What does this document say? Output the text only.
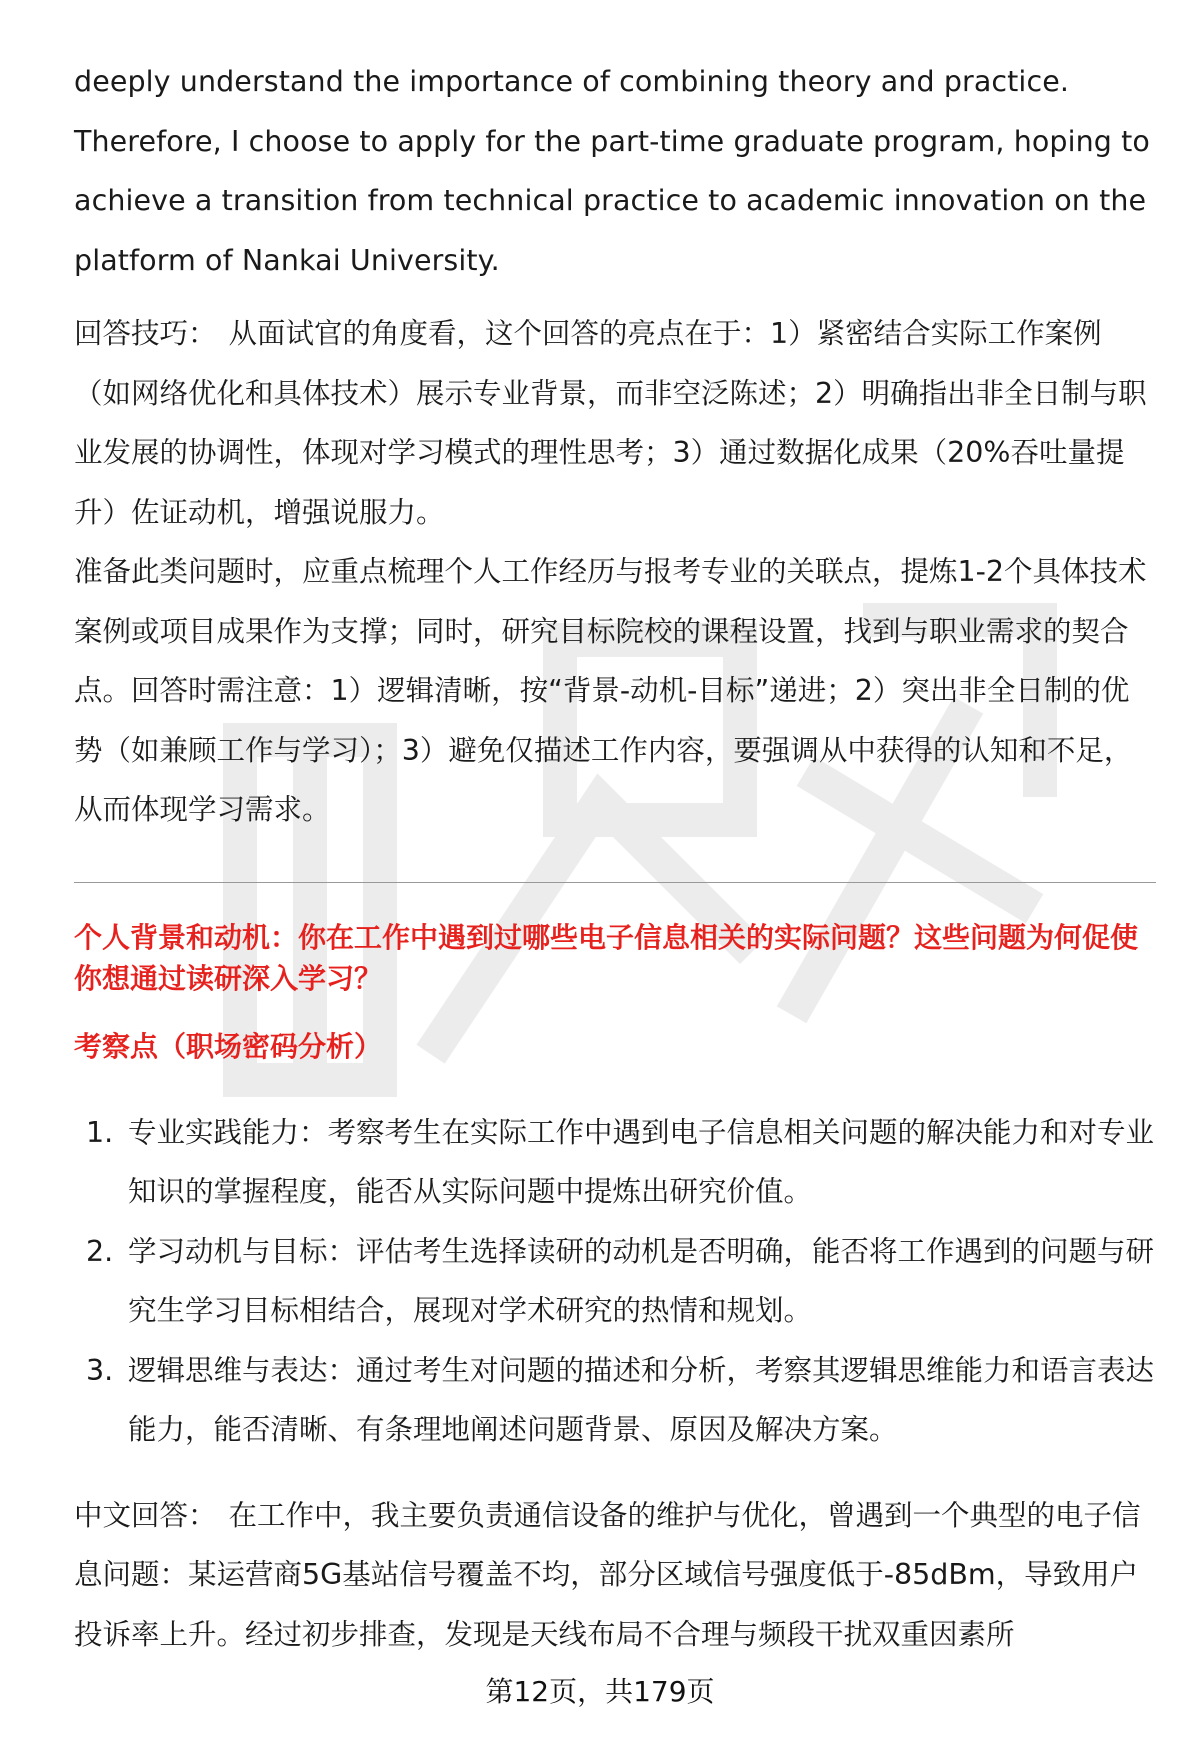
deeply understand the importance of combining theory and practice. Therefore, I choose to apply for the part-time graduate program, hoping to achieve a transition from technical practice to academic innovation on the platform of Nankai University.

回答技巧： 从面试官的角度看，这个回答的亮点在于：1）紧密结合实际工作案例（如网络优化和具体技术）展示专业背景，而非空泛陈述；2）明确指出非全日制与职业发展的协调性，体现对学习模式的理性思考；3）通过数据化成果（20%吞吐量提升）佐证动机，增强说服力。

准备此类问题时，应重点梳理个人工作经历与报考专业的关联点，提炼1-2个具体技术案例或项目成果作为支撑；同时，研究目标院校的课程设置，找到与职业需求的契合点。回答时需注意：1）逻辑清晰，按“背景-动机-目标”递进；2）突出非全日制的优势（如兼顾工作与学习）；3）避免仅描述工作内容，要强调从中获得的认知和不足，从而体现学习需求。

个人背景和动机：你在工作中遇到过哪些电子信息相关的实际问题？这些问题为何促使你想通过读研深入学习？

考察点（职场密码分析）

1. 专业实践能力：考察考生在实际工作中遇到电子信息相关问题的解决能力和对专业知识的掌握程度，能否从实际问题中提炼出研究价值。
2. 学习动机与目标：评估考生选择读研的动机是否明确，能否将工作遇到的问题与研究生学习目标相结合，展现对学术研究的热情和规划。
3. 逻辑思维与表达：通过考生对问题的描述和分析，考察其逻辑思维能力和语言表达能力，能否清晰、有条理地阐述问题背景、原因及解决方案。

中文回答： 在工作中，我主要负责通信设备的维护与优化，曾遇到一个典型的电子信息问题：某运营商5G基站信号覆盖不均，部分区域信号强度低于-85dBm，导致用户投诉率上升。经过初步排查，发现是天线布局不合理与频段干扰双重因素所

第12页，共179页
